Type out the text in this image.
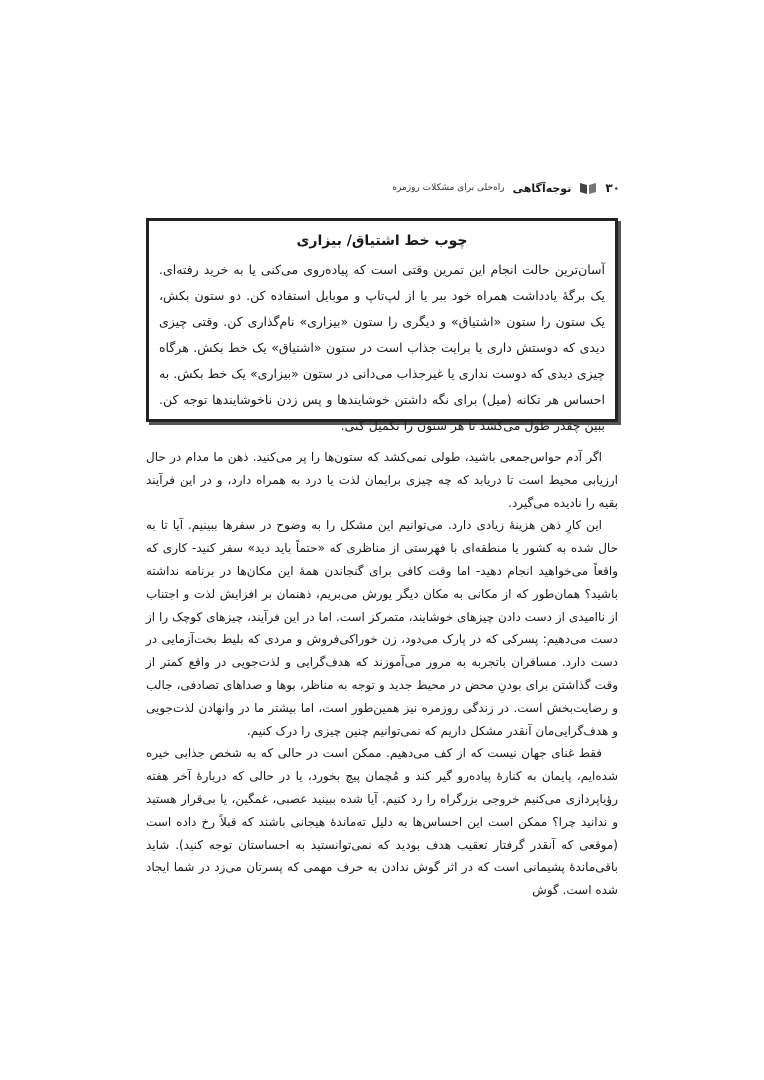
۳۰
توجه‌آگاهی
راه‌حلی برای مشکلات روزمره
چوب خط اشتیاق/ بیزاری

آسان‌ترین حالت انجام این تمرین وقتی است که پیاده‌روی می‌کنی یا به خرید رفته‌ای. یک برگهٔ یادداشت همراه خود ببر یا از لپ‌تاپ و موبایل استفاده کن. دو ستون بکش، یک ستون را ستون «اشتیاق» و دیگری را ستون «بیزاری» نام‌گذاری کن. وقتی چیزی دیدی که دوستش داری یا برایت جذاب است در ستون «اشتیاق» یک خط بکش. هرگاه چیزی دیدی که دوست نداری یا غیرجذاب می‌دانی در ستون «بیزاری» یک خط بکش. به احساس هر تکانه (میل) برای نگه داشتن خوشایندها و پس زدن ناخوشایندها توجه کن. ببین چقدر طول می‌کشد تا هر ستون را تکمیل کنی.

اگر آدم حواس‌جمعی باشید، طولی نمی‌کشد که ستون‌ها را پر می‌کنید. ذهن ما مدام در حال ارزیابی محیط است تا دریابد که چه چیزی برایمان لذت یا درد به همراه دارد، و در این فرآیند بقیه را نادیده می‌گیرد.

این کارِ ذهن هزینهٔ زیادی دارد. می‌توانیم این مشکل را به وضوح در سفرها ببینیم. آیا تا به حال شده به کشور یا منطقه‌ای با فهرستی از مناظری که «حتماً باید دید» سفر کنید- کاری که واقعاً می‌خواهید انجام دهید- اما وقت کافی برای گنجاندن همهٔ این مکان‌ها در برنامه نداشته باشید؟ همان‌طور که از مکانی به مکان دیگر یورش می‌بریم، ذهنمان بر افزایش لذت و اجتناب از ناامیدی از دست دادن چیزهای خوشایند، متمرکز است. اما در این فرآیند، چیزهای کوچک را از دست می‌دهیم: پسرکی که در پارک می‌دود، زن خوراکی‌فروش و مردی که بلیط بخت‌آزمایی در دست دارد. مسافران باتجربه به مرور می‌آموزند که هدف‌گرایی و لذت‌جویی در واقع کمتر از وقت گذاشتن برای بودنِ محض در محیط جدید و توجه به مناظر، بوها و صداهای تصادفی، جالب و رضایت‌بخش است. در زندگی روزمره نیز همین‌طور است، اما بیشتر ما در وانهادن لذت‌جویی و هدف‌گرایی‌مان آنقدر مشکل داریم که نمی‌توانیم چنین چیزی را درک کنیم.

فقط غنای جهان نیست که از کف می‌دهیم. ممکن است در حالی که به شخص جذابی خیره شده‌ایم، پایمان به کنارهٔ پیاده‌رو گیر کند و مُچمان پیچ بخورد، یا در حالی که دربارهٔ آخر هفته رؤیاپردازی می‌کنیم خروجی بزرگراه را رد کنیم. آیا شده ببینید عصبی، غمگین، یا بی‌قرار هستید و ندانید چرا؟ ممکن است این احساس‌ها به دلیل ته‌ماندهٔ هیجانی باشند که قبلاً رخ داده است (موقعی که آنقدر گرفتار تعقیب هدف بودید که نمی‌توانستید به احساستان توجه کنید). شاید باقی‌ماندهٔ پشیمانی است که در اثر گوش ندادن به حرف مهمی که پسرتان می‌زد در شما ایجاد شده است. گوش
